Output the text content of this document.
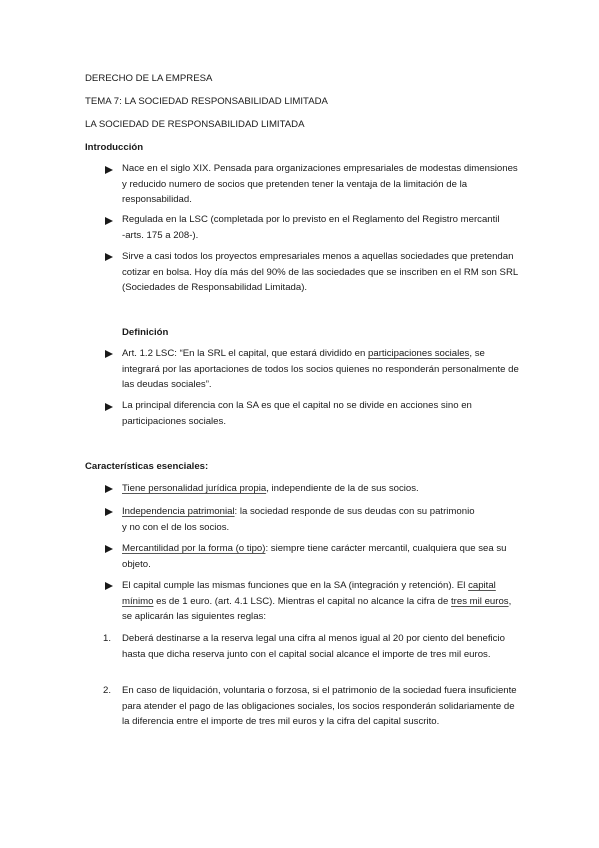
DERECHO DE LA EMPRESA
TEMA 7: LA SOCIEDAD RESPONSABILIDAD LIMITADA
LA SOCIEDAD DE RESPONSABILIDAD LIMITADA
Introducción
Nace en el siglo XIX. Pensada para organizaciones empresariales de modestas dimensiones y reducido numero de socios que pretenden tener la ventaja de la limitación de la responsabilidad.
Regulada en la LSC (completada por lo previsto en el Reglamento del Registro mercantil -arts. 175 a 208-).
Sirve a casi todos los proyectos empresariales menos a aquellas sociedades que pretendan cotizar en bolsa. Hoy día más del 90% de las sociedades que se inscriben en el RM son SRL (Sociedades de Responsabilidad Limitada).
Definición
Art. 1.2 LSC: “En la SRL el capital, que estará dividido en participaciones sociales, se integrará por las aportaciones de todos los socios quienes no responderán personalmente de las deudas sociales”.
La principal diferencia con la SA es que el capital no se divide en acciones sino en participaciones sociales.
Características esenciales:
Tiene personalidad jurídica propia, independiente de la de sus socios.
Independencia patrimonial: la sociedad responde de sus deudas con su patrimonio y no con el de los socios.
Mercantilidad por la forma (o tipo): siempre tiene carácter mercantil, cualquiera que sea su objeto.
El capital cumple las mismas funciones que en la SA (integración y retención). El capital mínimo es de 1 euro. (art. 4.1 LSC). Mientras el capital no alcance la cifra de tres mil euros, se aplicarán las siguientes reglas:
1. Deberá destinarse a la reserva legal una cifra al menos igual al 20 por ciento del beneficio hasta que dicha reserva junto con el capital social alcance el importe de tres mil euros.
2. En caso de liquidación, voluntaria o forzosa, si el patrimonio de la sociedad fuera insuficiente para atender el pago de las obligaciones sociales, los socios responderán solidariamente de la diferencia entre el importe de tres mil euros y la cifra del capital suscrito.
